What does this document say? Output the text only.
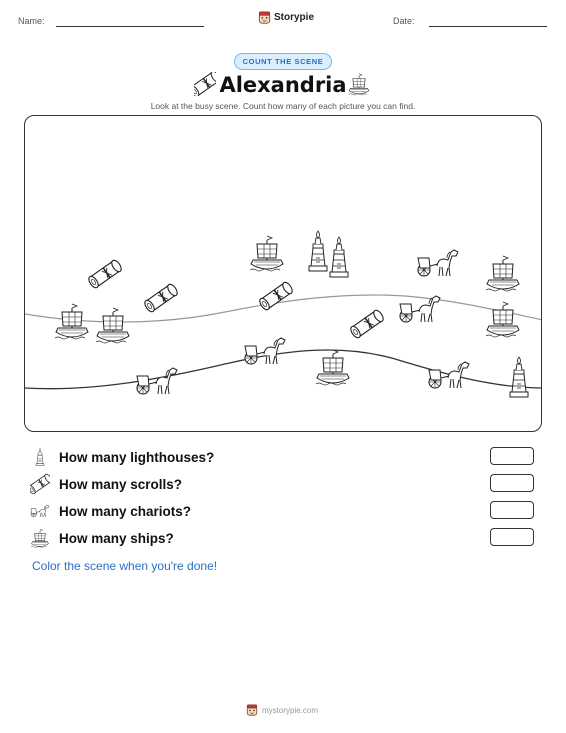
Name:	Storypie	Date:
COUNT THE SCENE
Alexandria
Look at the busy scene. Count how many of each picture you can find.
How many lighthouses?
How many scrolls?
How many chariots?
How many ships?
Color the scene when you're done!
mystorypie.com
